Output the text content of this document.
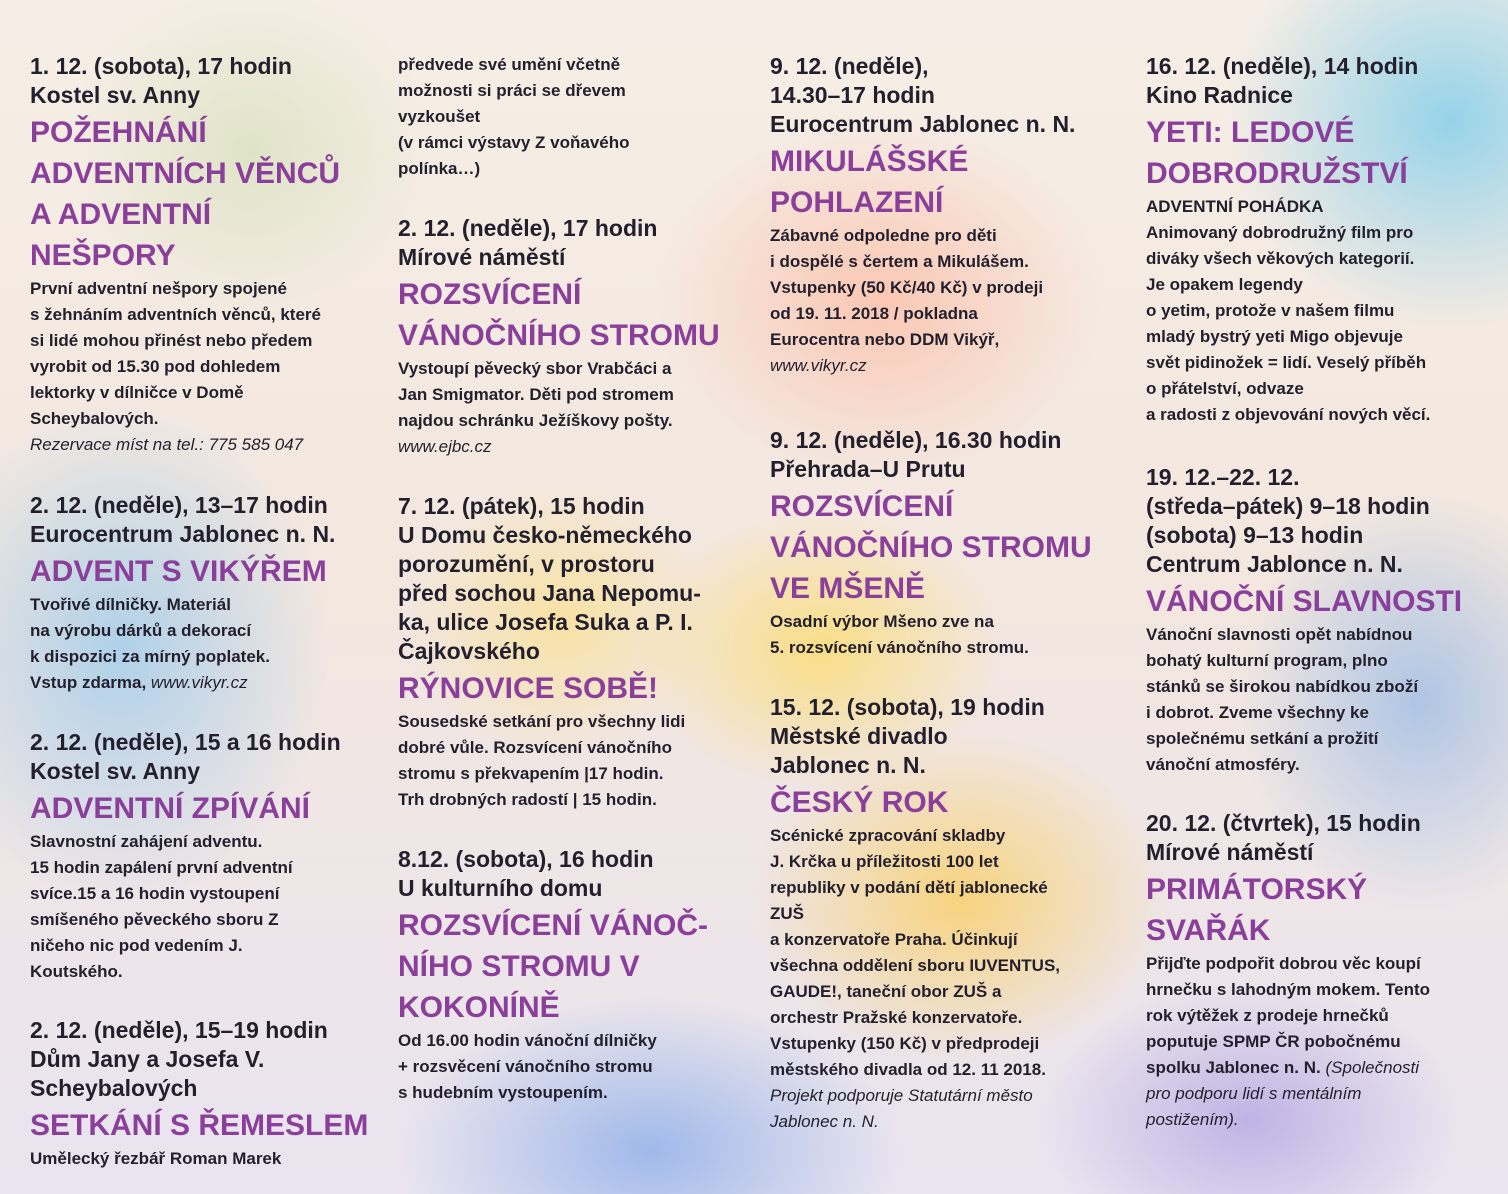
1. 12. (sobota), 17 hodin
Kostel sv. Anny
POŽEHNÁNÍ
ADVENTNÍCH VĚNCŮ
A ADVENTNÍ
NEŠPORY
První adventní nešpory spojené
s žehnáním adventních věnců, které
si lidé mohou přinést nebo předem
vyrobit od 15.30 pod dohledem
lektorky v dílničce v Domě
Scheybalových.
Rezervace míst na tel.: 775 585 047
2. 12. (neděle), 13–17 hodin
Eurocentrum Jablonec n. N.
ADVENT S VIKÝŘEM
Tvořivé dílničky. Materiál
na výrobu dárků a dekorací
k dispozici za mírný poplatek.
Vstup zdarma, www.vikyr.cz
2. 12. (neděle), 15 a 16 hodin
Kostel sv. Anny
ADVENTNÍ ZPÍVÁNÍ
Slavnostní zahájení adventu.
15 hodin zapálení první adventní
svíce.15 a 16 hodin vystoupení
smíšeného pěveckého sboru Z
ničeho nic pod vedením J.
Koutského.
2. 12. (neděle), 15–19 hodin
Dům Jany a Josefa V.
Scheybalových
SETKÁNÍ S ŘEMESLEM
Umělecký řezbář Roman Marek
předvede své umění včetně
možnosti si práci se dřevem
vyzkoušet
(v rámci výstavy Z voňavého
polínka…)
2. 12. (neděle), 17 hodin
Mírové náměstí
ROZSVÍCENÍ
VÁNOČNÍHO STROMU
Vystoupí pěvecký sbor Vrabčáci a
Jan Smigmator. Děti pod stromem
najdou schránku Ježíškovy pošty.
www.ejbc.cz
7. 12. (pátek), 15 hodin
U Domu česko-německého
porozumění, v prostoru
před sochou Jana Nepomu-
ka, ulice Josefa Suka a P. I.
Čajkovského
RÝNOVICE SOBĚ!
Sousedské setkání pro všechny lidi
dobré vůle. Rozsvícení vánočního
stromu s překvapením |17 hodin.
Trh drobných radostí | 15 hodin.
8.12. (sobota), 16 hodin
U kulturního domu
ROZSVÍCENÍ VÁNOČ-
NÍHO STROMU V
KOKONÍNĚ
Od 16.00 hodin vánoční dílničky
+ rozsvěcení vánočního stromu
s hudebním vystoupením.
9. 12. (neděle),
14.30–17 hodin
Eurocentrum Jablonec n. N.
MIKULÁŠSKÉ
POHLAZENÍ
Zábavné odpoledne pro děti
i dospělé s čertem a Mikulášem.
Vstupenky (50 Kč/40 Kč) v prodeji
od 19. 11. 2018 / pokladna
Eurocentra nebo DDM Vikýř,
www.vikyr.cz
9. 12. (neděle), 16.30 hodin
Přehrada–U Prutu
ROZSVÍCENÍ
VÁNOČNÍHO STROMU
VE MŠENĚ
Osadní výbor Mšeno zve na
5. rozsvícení vánočního stromu.
15. 12. (sobota), 19 hodin
Městské divadlo
Jablonec n. N.
ČESKÝ ROK
Scénické zpracování skladby
J. Krčka u příležitosti 100 let
republiky v podání dětí jablonecké
ZUŠ
a konzervatoře Praha. Účinkují
všechna oddělení sboru IUVENTUS,
GAUDE!, taneční obor ZUŠ a
orchestr Pražské konzervatoře.
Vstupenky (150 Kč) v předprodeji
městského divadla od 12. 11 2018.
Projekt podporuje Statutární město
Jablonec n. N.
16. 12. (neděle), 14 hodin
Kino Radnice
YETI: LEDOVÉ
DOBRODRUŽSTVÍ
ADVENTNÍ POHÁDKA
Animovaný dobrodružný film pro
diváky všech věkových kategorií.
Je opakem legendy
o yetim, protože v našem filmu
mladý bystrý yeti Migo objevuje
svět pidinožek = lidí. Veselý příběh
o přátelství, odvaze
a radosti z objevování nových věcí.
19. 12.–22. 12.
(středa–pátek) 9–18 hodin
(sobota) 9–13 hodin
Centrum Jablonce n. N.
VÁNOČNÍ SLAVNOSTI
Vánoční slavnosti opět nabídnou
bohatý kulturní program, plno
stánků se širokou nabídkou zboží
i dobrot. Zveme všechny ke
společnému setkání a prožití
vánoční atmosféry.
20. 12. (čtvrtek), 15 hodin
Mírové náměstí
PRIMÁTORSKÝ
SVAŘÁK
Přijďte podpořit dobrou věc koupí
hrnečku s lahodným mokem. Tento
rok výtěžek z prodeje hrnečků
poputuje SPMP ČR pobočnému
spolku Jablonec n. N. (Společnosti
pro podporu lidí s mentálním
postižením).
